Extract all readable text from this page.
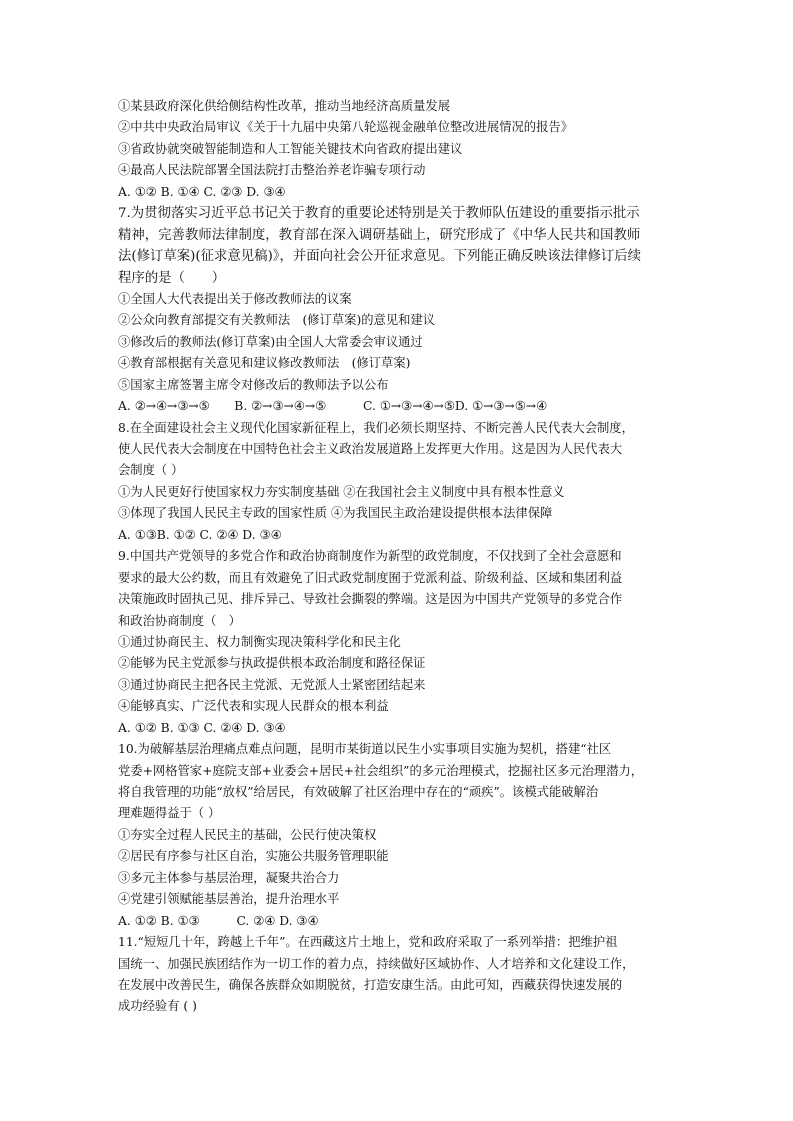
①某县政府深化供给侧结构性改革，推动当地经济高质量发展
②中共中央政治局审议《关于十九届中央第八轮巡视金融单位整改进展情况的报告》
③省政协就突破智能制造和人工智能关键技术向省政府提出建议
④最高人民法院部署全国法院打击整治养老诈骗专项行动
A. ①② B. ①④ C. ②③ D. ③④
7.为贯彻落实习近平总书记关于教育的重要论述特别是关于教师队伍建设的重要指示批示
精神，完善教师法律制度，教育部在深入调研基础上，研究形成了《中华人民共和国教师
法(修订草案)(征求意见稿)》，并面向社会公开征求意见。下列能正确反映该法律修订后续
程序的是（　　）
①全国人大代表提出关于修改教师法的议案
②公众向教育部提交有关教师法　(修订草案)的意见和建议
③修改后的教师法(修订草案)由全国人大常委会审议通过
④教育部根据有关意见和建议修改教师法　(修订草案)
⑤国家主席签署主席令对修改后的教师法予以公布
A. ②→④→③→⑤　　B. ②→③→④→⑤　　　C. ①→③→④→⑤D. ①→③→⑤→④
8.在全面建设社会主义现代化国家新征程上，我们必须长期坚持、不断完善人民代表大会制度，
使人民代表大会制度在中国特色社会主义政治发展道路上发挥更大作用。这是因为人民代表大
会制度（ ）
①为人民更好行使国家权力夯实制度基础 ②在我国社会主义制度中具有根本性意义
③体现了我国人民民主专政的国家性质 ④为我国民主政治建设提供根本法律保障
A. ①③B. ①② C. ②④ D. ③④
9.中国共产党领导的多党合作和政治协商制度作为新型的政党制度，不仅找到了全社会意愿和
要求的最大公约数，而且有效避免了旧式政党制度囿于党派利益、阶级利益、区域和集团利益
决策施政时固执己见、排斥异己、导致社会撕裂的弊端。这是因为中国共产党领导的多党合作
和政治协商制度（　）
①通过协商民主、权力制衡实现决策科学化和民主化
②能够为民主党派参与执政提供根本政治制度和路径保证
③通过协商民主把各民主党派、无党派人士紧密团结起来
④能够真实、广泛代表和实现人民群众的根本利益
A. ①② B. ①③ C. ②④ D. ③④
10.为破解基层治理痛点难点问题，昆明市某街道以民生小实事项目实施为契机，搭建“社区
党委+网格管家+庭院支部+业委会+居民+社会组织”的多元治理模式，挖掘社区多元治理潜力，
将自我管理的功能“放权”给居民，有效破解了社区治理中存在的“顽疾”。该模式能破解治
理难题得益于（ ）
①夯实全过程人民民主的基础，公民行使决策权
②居民有序参与社区自治，实施公共服务管理职能
③多元主体参与基层治理，凝聚共治合力
④党建引领赋能基层善治，提升治理水平
A. ①② B. ①③　　　C. ②④ D. ③④
11.“短短几十年，跨越上千年”。在西藏这片土地上，党和政府采取了一系列举措：把维护祖
国统一、加强民族团结作为一切工作的着力点，持续做好区域协作、人才培养和文化建设工作，
在发展中改善民生，确保各族群众如期脱贫，打造安康生活。由此可知，西藏获得快速发展的
成功经验有 ( )
